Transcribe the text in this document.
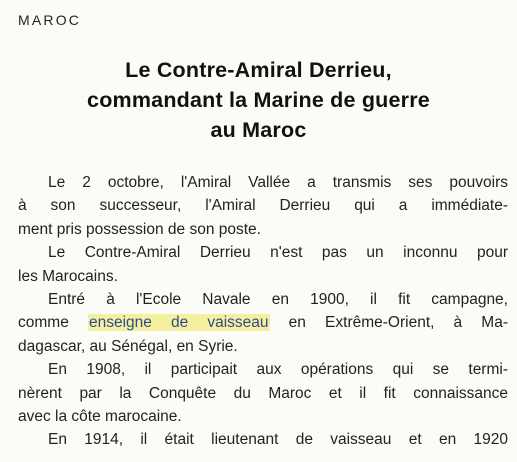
MAROC
Le Contre-Amiral Derrieu,
commandant la Marine de guerre
au Maroc
Le 2 octobre, l'Amiral Vallée a transmis ses pouvoirs
à son successeur, l'Amiral Derrieu qui a immédiate-
ment pris possession de son poste.
Le Contre-Amiral Derrieu n'est pas un inconnu pour
les Marocains.
Entré à l'Ecole Navale en 1900, il fit campagne,
comme enseigne de vaisseau en Extrême-Orient, à Ma-
dagascar, au Sénégal, en Syrie.
En 1908, il participait aux opérations qui se termi-
nèrent par la Conquête du Maroc et il fit connaissance
avec la côte marocaine.
En 1914, il était lieutenant de vaisseau et en 1920
